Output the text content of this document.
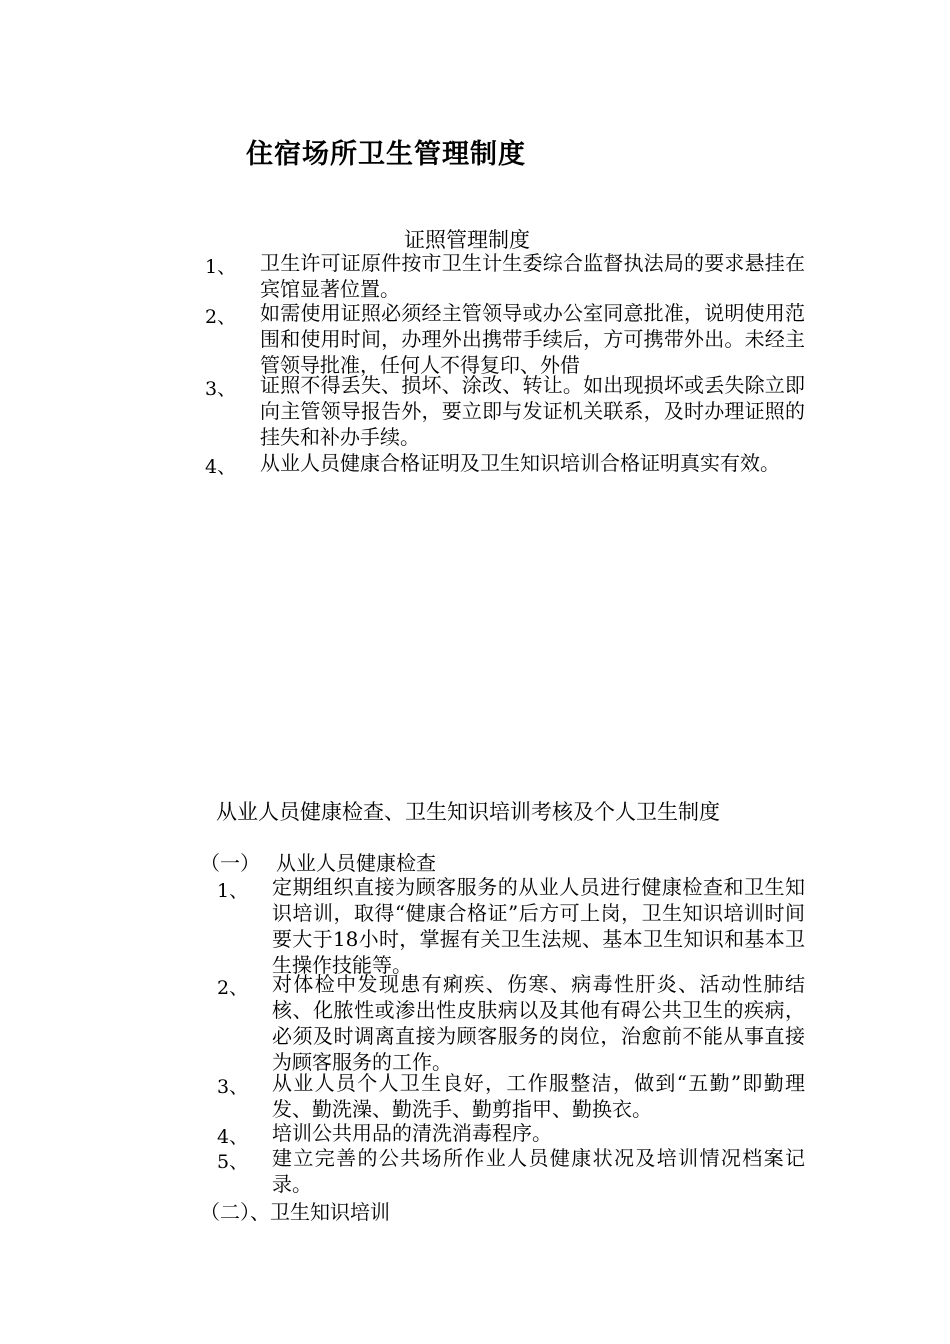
住宿场所卫生管理制度
证照管理制度
1、 卫生许可证原件按市卫生计生委综合监督执法局的要求悬挂在宾馆显著位置。
2、 如需使用证照必须经主管领导或办公室同意批准，说明使用范围和使用时间，办理外出携带手续后，方可携带外出。未经主管领导批准，任何人不得复印、外借
3、 证照不得丢失、损坏、涂改、转让。如出现损坏或丢失除立即向主管领导报告外，要立即与发证机关联系，及时办理证照的挂失和补办手续。
4、 从业人员健康合格证明及卫生知识培训合格证明真实有效。
从业人员健康检查、卫生知识培训考核及个人卫生制度
（一） 从业人员健康检查
1、 定期组织直接为顾客服务的从业人员进行健康检查和卫生知识培训，取得“健康合格证”后方可上岗，卫生知识培训时间要大于18小时，掌握有关卫生法规、基本卫生知识和基本卫生操作技能等。
2、 对体检中发现患有痢疾、伤寒、病毒性肝炎、活动性肺结核、化脓性或渗出性皮肤病以及其他有碍公共卫生的疾病，必须及时调离直接为顾客服务的岗位，治愈前不能从事直接为顾客服务的工作。
3、 从业人员个人卫生良好，工作服整洁，做到“五勤”即勤理发、勤洗澡、勤洗手、勤剪指甲、勤换衣。
4、 培训公共用品的清洗消毒程序。
5、 建立完善的公共场所作业人员健康状况及培训情况档案记录。
（二）、卫生知识培训
